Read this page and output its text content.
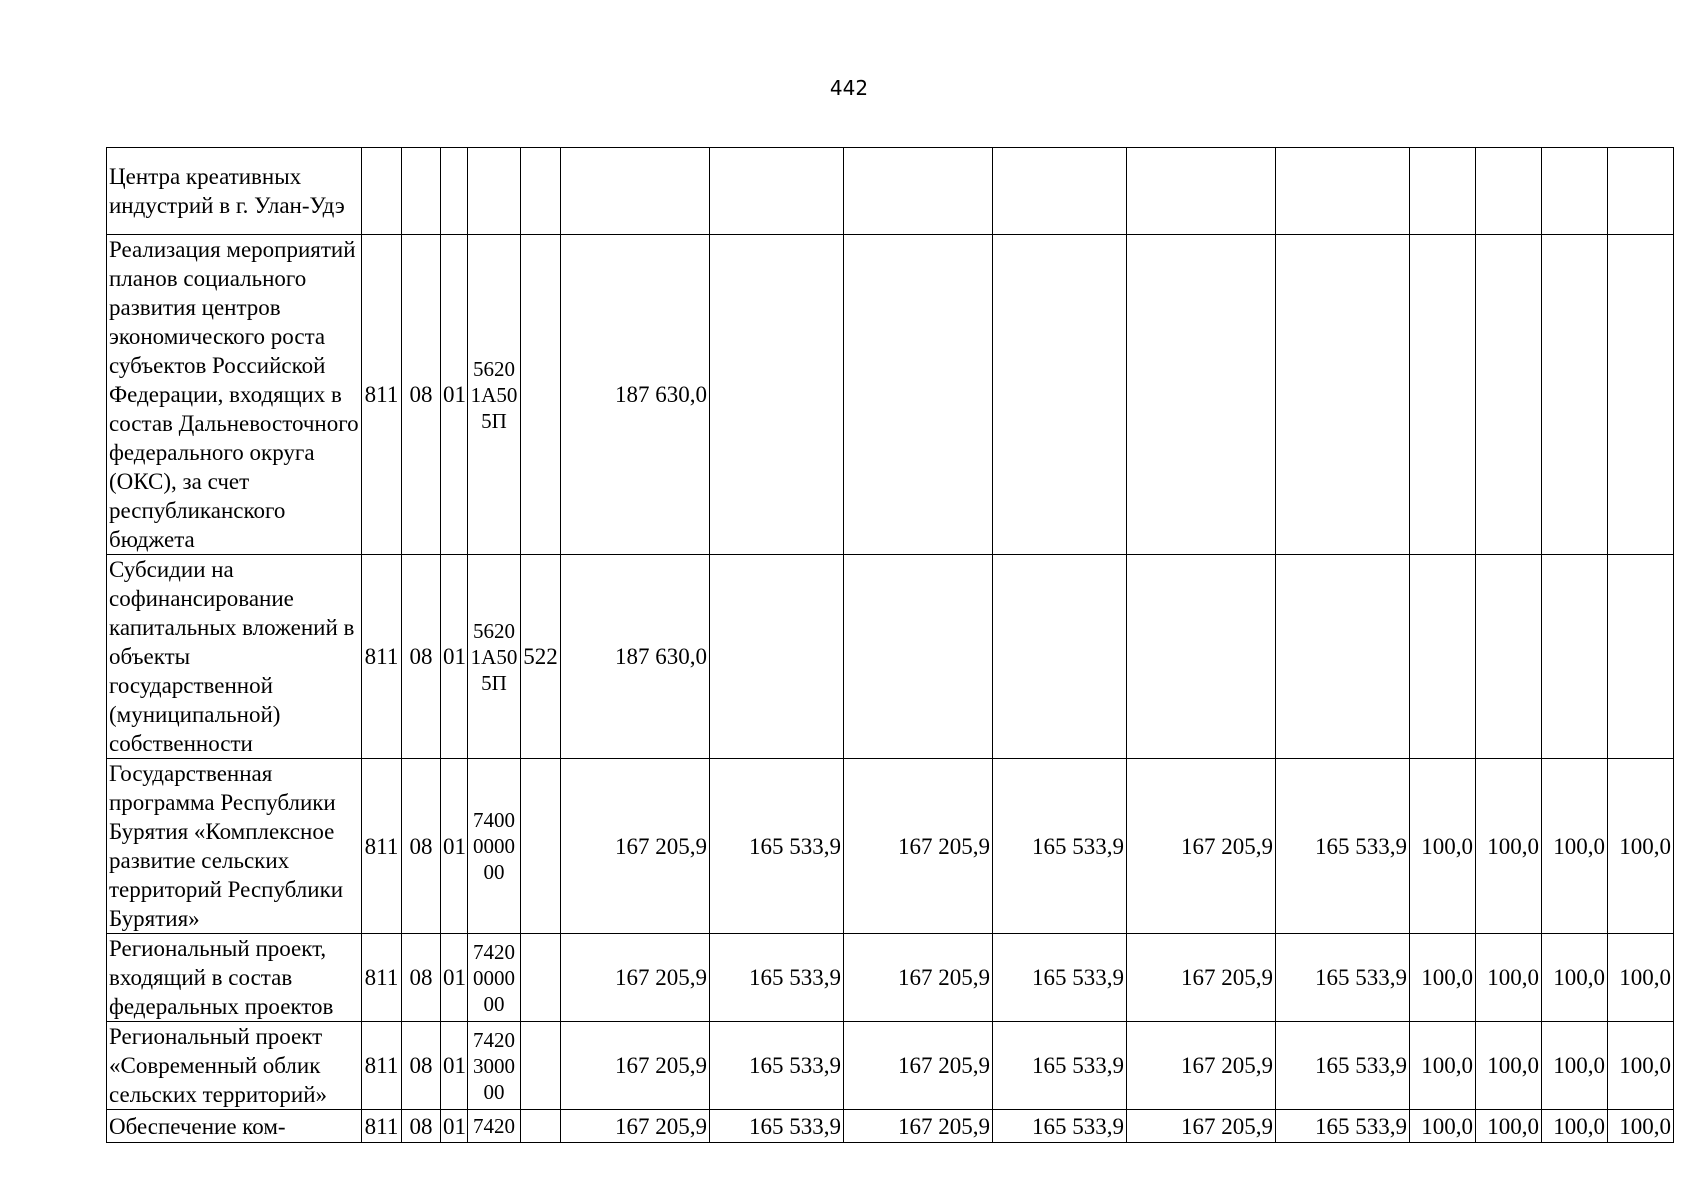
442
Центра креативных индустрий в г. Улан-Удэ															
Реализация мероприятий планов социального развития центров экономического роста субъектов Российской Федерации, входящих в состав Дальневосточного федерального округа (ОКС), за счет республиканского бюджета	811	08	01	5620 1А50 5П		187 630,0									
Субсидии на софинансирование капитальных вложений в объекты государственной (муниципальной) собственности	811	08	01	5620 1А50 5П	522	187 630,0									
Государственная программа Республики Бурятия «Комплексное развитие сельских территорий Республики Бурятия»	811	08	01	7400 0000 00		167 205,9	165 533,9	167 205,9	165 533,9	167 205,9	165 533,9	100,0	100,0	100,0	100,0
Региональный проект, входящий в состав федеральных проектов	811	08	01	7420 0000 00		167 205,9	165 533,9	167 205,9	165 533,9	167 205,9	165 533,9	100,0	100,0	100,0	100,0
Региональный проект «Современный облик сельских территорий»	811	08	01	7420 3000 00		167 205,9	165 533,9	167 205,9	165 533,9	167 205,9	165 533,9	100,0	100,0	100,0	100,0
Обеспечение ком-	811	08	01	7420		167 205,9	165 533,9	167 205,9	165 533,9	167 205,9	165 533,9	100,0	100,0	100,0	100,0
